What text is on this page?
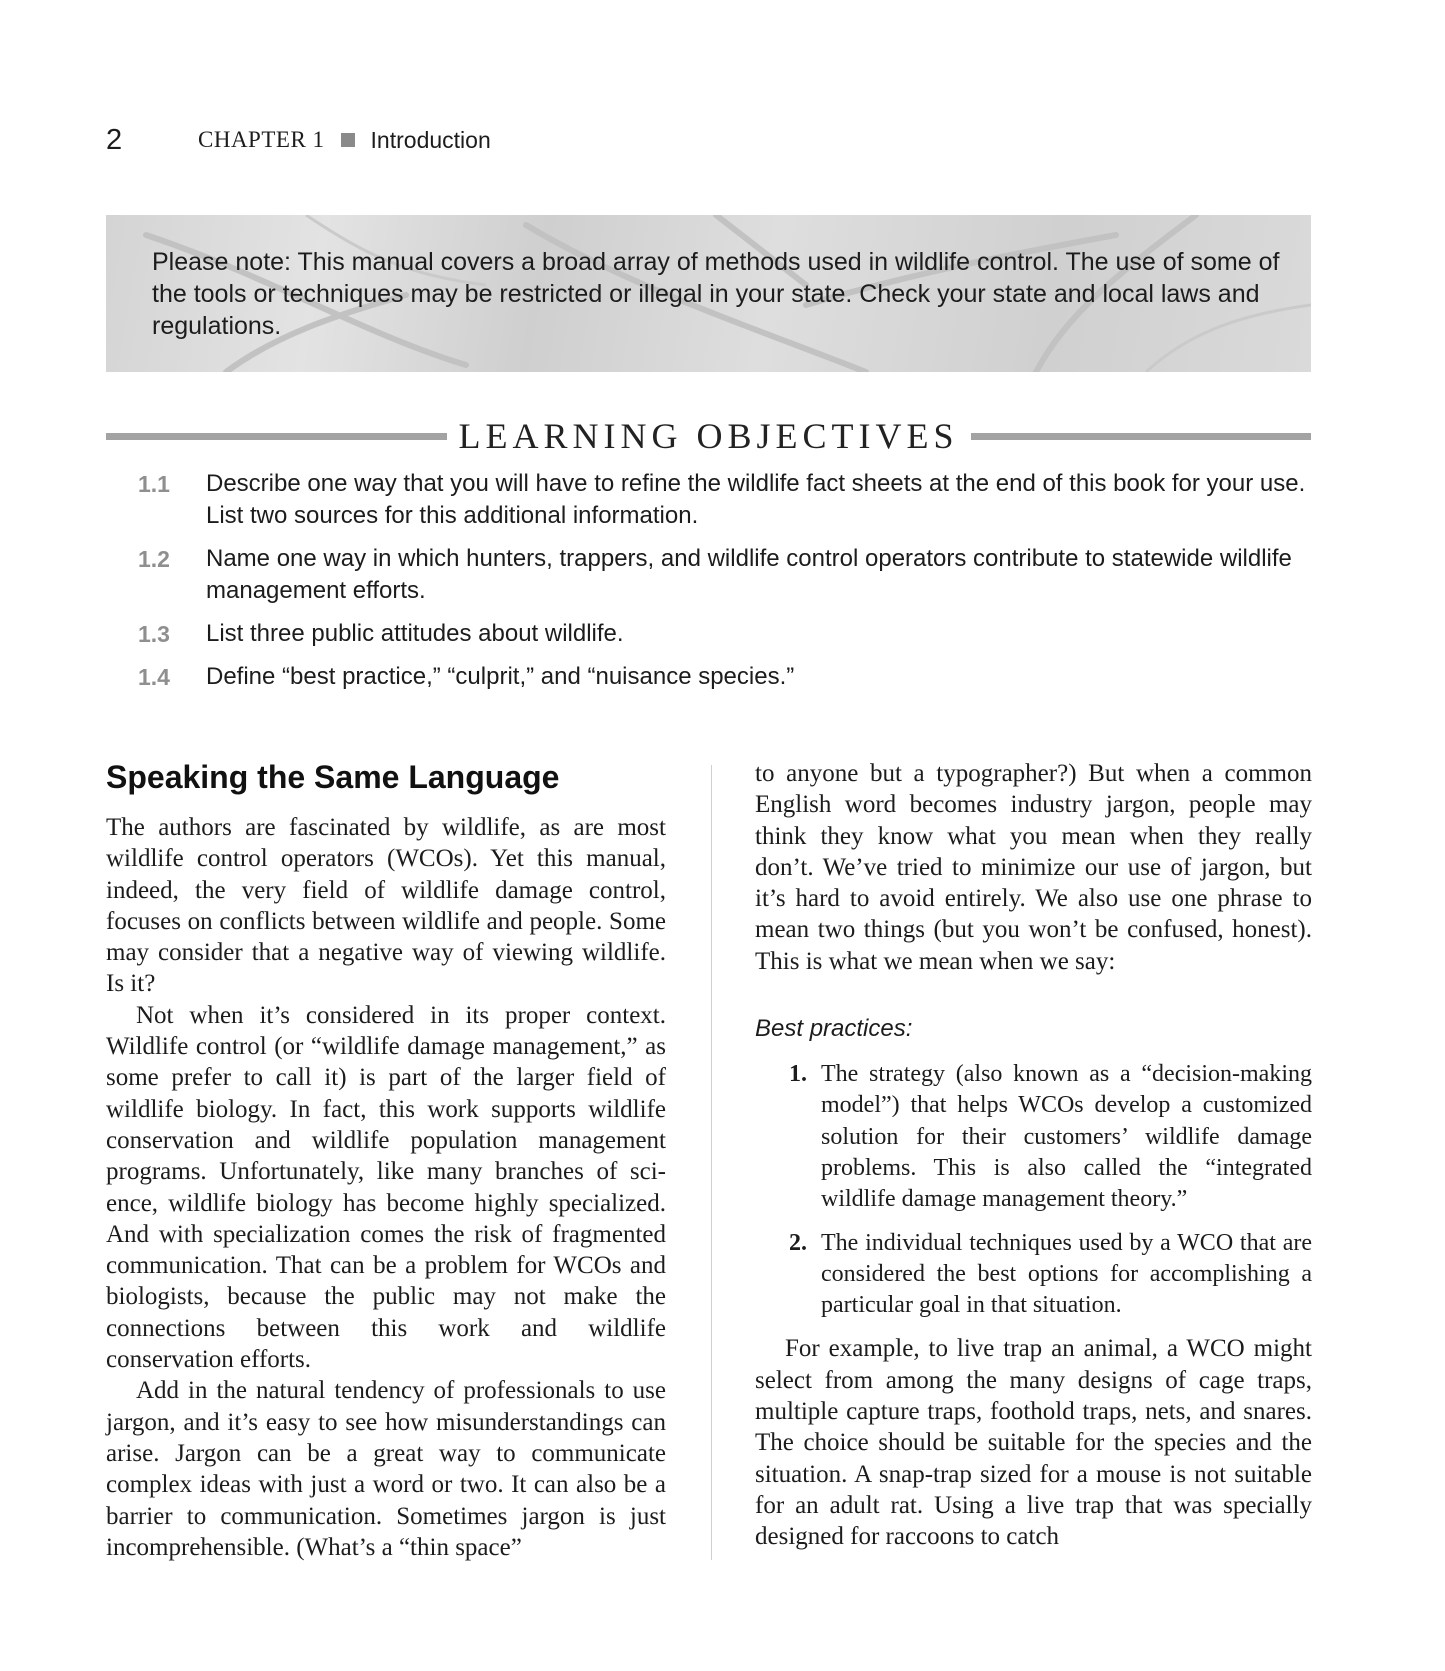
2	CHAPTER 1 Introduction
Please note: This manual covers a broad array of methods used in wildlife control. The use of some of the tools or techniques may be restricted or illegal in your state. Check your state and local laws and regulations.
LEARNING OBJECTIVES
1.1	Describe one way that you will have to refine the wildlife fact sheets at the end of this book for your use. List two sources for this additional information.
1.2	Name one way in which hunters, trappers, and wildlife control operators contribute to statewide wildlife management efforts.
1.3	List three public attitudes about wildlife.
1.4	Define “best practice,” “culprit,” and “nuisance species.”
Speaking the Same Language

The authors are fascinated by wildlife, as are most wildlife control operators (WCOs). Yet this manual, indeed, the very field of wildlife damage control, focuses on conflicts between wildlife and people. Some may consider that a negative way of viewing wildlife. Is it?

Not when it’s considered in its proper context. Wildlife control (or “wildlife damage management,” as some prefer to call it) is part of the larger field of wildlife biology. In fact, this work supports wildlife conservation and wildlife population management programs. Unfortunately, like many branches of science, wildlife biology has become highly specialized. And with specialization comes the risk of fragmented communication. That can be a problem for WCOs and biologists, because the public may not make the connections between this work and wildlife conservation efforts.

Add in the natural tendency of professionals to use jargon, and it’s easy to see how misunderstandings can arise. Jargon can be a great way to communicate complex ideas with just a word or two. It can also be a barrier to communication. Sometimes jargon is just incomprehensible. (What’s a “thin space”

to anyone but a typographer?) But when a common English word becomes industry jargon, people may think they know what you mean when they really don’t. We’ve tried to minimize our use of jargon, but it’s hard to avoid entirely. We also use one phrase to mean two things (but you won’t be confused, honest). This is what we mean when we say:

Best practices:
1. The strategy (also known as a “decision-making model”) that helps WCOs develop a customized solution for their customers’ wildlife damage problems. This is also called the “integrated wildlife damage management theory.”
2. The individual techniques used by a WCO that are considered the best options for accomplishing a particular goal in that situation.

For example, to live trap an animal, a WCO might select from among the many designs of cage traps, multiple capture traps, foothold traps, nets, and snares. The choice should be suitable for the species and the situation. A snap-trap sized for a mouse is not suitable for an adult rat. Using a live trap that was specially designed for raccoons to catch
